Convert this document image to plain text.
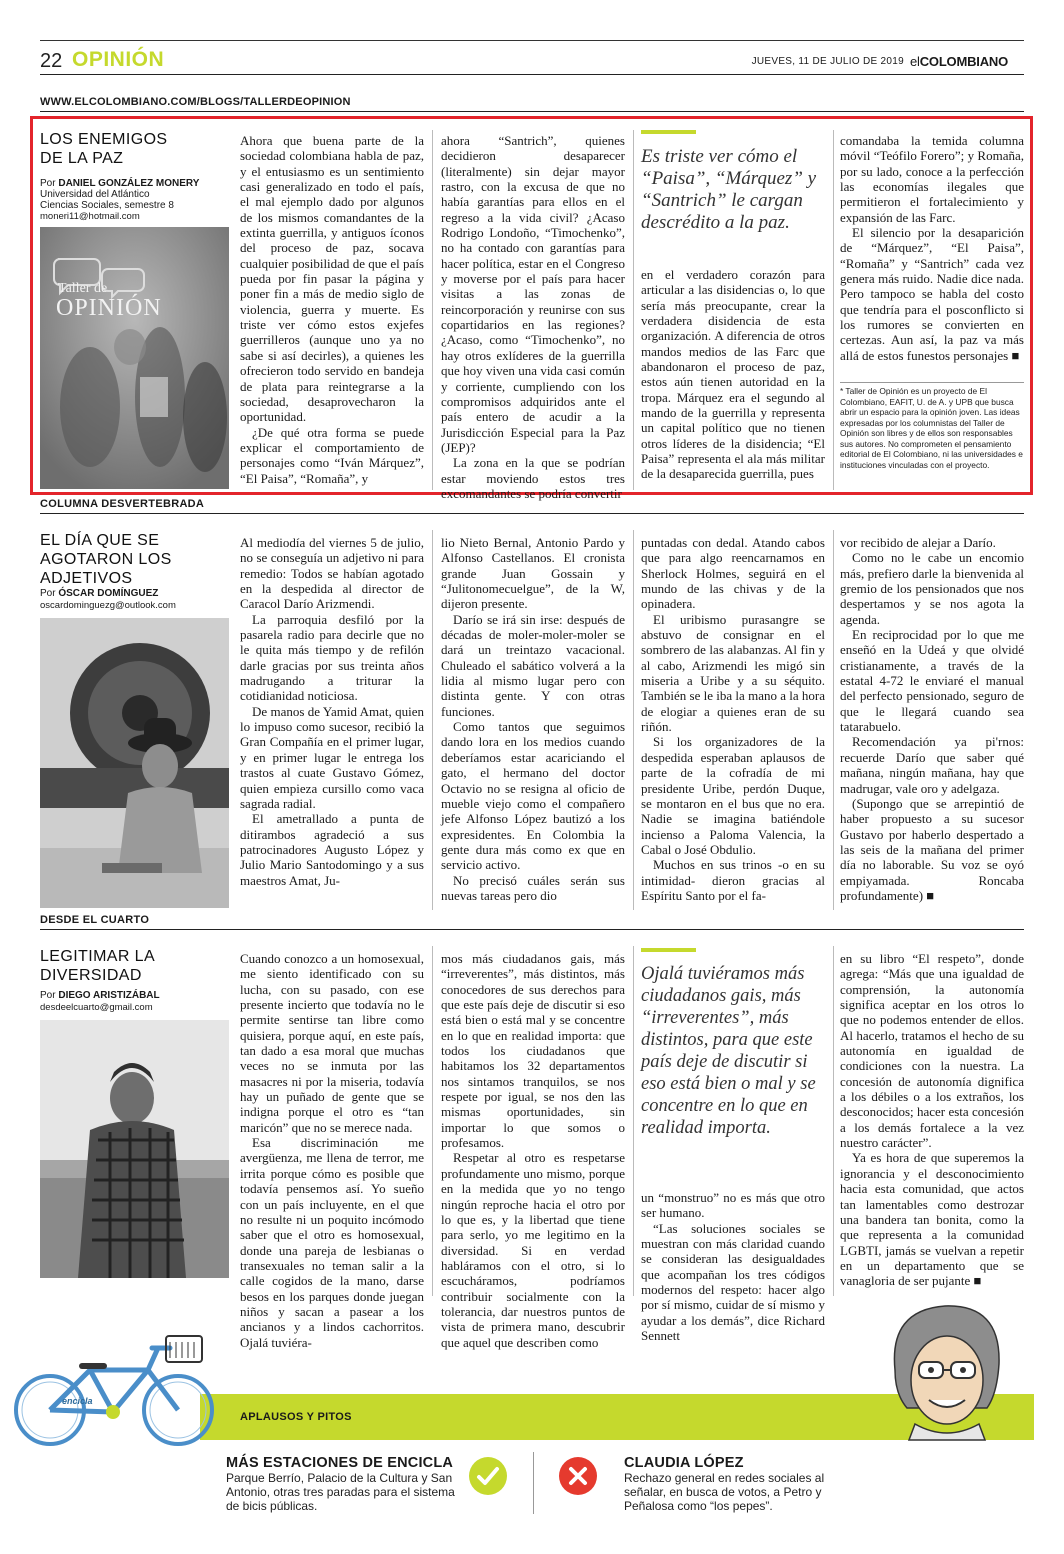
22 OPINIÓN	JUEVES, 11 DE JULIO DE 2019 elCOLOMBIANO
WWW.ELCOLOMBIANO.COM/BLOGS/TALLERDEOPINION
LOS ENEMIGOS
DE LA PAZ
Por DANIEL GONZÁLEZ MONERY
Universidad del Atlántico
Ciencias Sociales, semestre 8
moneri11@hotmail.com
Taller de
OPINIÓN

Ahora que buena parte de la sociedad colombiana habla de paz, y el entusiasmo es un sentimiento casi generalizado en todo el país, el mal ejemplo dado por algunos de los mismos comandantes de la extinta guerrilla, y antiguos íconos del proceso de paz, socava cualquier posibilidad de que el país pueda por fin pasar la página y poner fin a más de medio siglo de violencia, guerra y muerte. Es triste ver cómo estos exjefes guerrilleros (aunque uno ya no sabe si así decirles), a quienes les ofrecieron todo servido en bandeja de plata para reintegrarse a la sociedad, desaprovecharon la oportunidad.

¿De qué otra forma se puede explicar el comportamiento de personajes como “Iván Márquez”, “El Paisa”, “Romaña”, y

ahora “Santrich”, quienes decidieron desaparecer (literalmente) sin dejar mayor rastro, con la excusa de que no había garantías para ellos en el regreso a la vida civil? ¿Acaso Rodrigo Londoño, “Timochenko”, no ha contado con garantías para hacer política, estar en el Congreso y moverse por el país para hacer visitas a las zonas de reincorporación y reunirse con sus copartidarios en las regiones? ¿Acaso, como “Timochenko”, no hay otros exlíderes de la guerrilla que hoy viven una vida casi común y corriente, cumpliendo con los compromisos adquiridos ante el país entero de acudir a la Jurisdicción Especial para la Paz (JEP)?

La zona en la que se podrían estar moviendo estos tres excomandantes se podría convertir

Es triste ver cómo el “Paisa”, “Márquez” y “Santrich” le cargan descrédito a la paz.

en el verdadero corazón para articular a las disidencias o, lo que sería más preocupante, crear la verdadera disidencia de esta organización. A diferencia de otros mandos medios de las Farc que abandonaron el proceso de paz, estos aún tienen autoridad en la tropa. Márquez era el segundo al mando de la guerrilla y representa un capital político que no tienen otros líderes de la disidencia; “El Paisa” representa el ala más militar de la desaparecida guerrilla, pues

comandaba la temida columna móvil “Teófilo Forero”; y Romaña, por su lado, conoce a la perfección las economías ilegales que permitieron el fortalecimiento y expansión de las Farc.

El silencio por la desaparición de “Márquez”, “El Paisa”, “Romaña” y “Santrich” cada vez genera más ruido. Nadie dice nada. Pero tampoco se habla del costo que tendría para el posconflicto si los rumores se convierten en certezas. Aun así, la paz va más allá de estos funestos personajes ■

* Taller de Opinión es un proyecto de El Colombiano, EAFIT, U. de A. y UPB que busca abrir un espacio para la opinión joven. Las ideas expresadas por los columnistas del Taller de Opinión son libres y de ellos son responsables sus autores. No comprometen el pensamiento editorial de El Colombiano, ni las universidades e instituciones vinculadas con el proyecto.
COLUMNA DESVERTEBRADA
EL DÍA QUE SE
AGOTARON LOS
ADJETIVOS
Por ÓSCAR DOMÍNGUEZ
oscardominguezg@outlook.com

Al mediodía del viernes 5 de julio, no se conseguía un adjetivo ni para remedio: Todos se habían agotado en la despedida al director de Caracol Darío Arizmendi.

La parroquia desfiló por la pasarela radio para decirle que no le quita más tiempo y de refilón darle gracias por sus treinta años madrugando a triturar la cotidianidad noticiosa.

De manos de Yamid Amat, quien lo impuso como sucesor, recibió la Gran Compañía en el primer lugar, y en primer lugar le entrega los trastos al cuate Gustavo Gómez, quien empieza cursillo como vaca sagrada radial.

El ametrallado a punta de ditirambos agradeció a sus patrocinadores Augusto López y Julio Mario Santodomingo y a sus maestros Amat, Ju-

lio Nieto Bernal, Antonio Pardo y Alfonso Castellanos. El cronista grande Juan Gossain y “Julitonomecuelgue”, de la W, dijeron presente.

Darío se irá sin irse: después de décadas de moler-moler-moler se dará un treintazo vacacional. Chuleado el sabático volverá a la lidia al mismo lugar pero con distinta gente. Y con otras funciones.

Como tantos que seguimos dando lora en los medios cuando deberíamos estar acariciando el gato, el hermano del doctor Octavio no se resigna al oficio de mueble viejo como el compañero jefe Alfonso López bautizó a los expresidentes. En Colombia la gente dura más como ex que en servicio activo.

No precisó cuáles serán sus nuevas tareas pero dio

puntadas con dedal. Atando cabos que para algo reencarnamos en Sherlock Holmes, seguirá en el mundo de las chivas y de la opinadera.

El uribismo purasangre se abstuvo de consignar en el sombrero de las alabanzas. Al fin y al cabo, Arizmendi les migó sin miseria a Uribe y a su séquito. También se le iba la mano a la hora de elogiar a quienes eran de su riñón.

Si los organizadores de la despedida esperaban aplausos de parte de la cofradía de mi presidente Uribe, perdón Duque, se montaron en el bus que no era. Nadie se imagina batiéndole incienso a Paloma Valencia, la Cabal o José Obdulio.

Muchos en sus trinos -o en su intimidad- dieron gracias al Espíritu Santo por el fa-

vor recibido de alejar a Darío.

Como no le cabe un encomio más, prefiero darle la bienvenida al gremio de los pensionados que nos despertamos y se nos agota la agenda.

En reciprocidad por lo que me enseñó en la Udeá y que olvidé cristianamente, a través de la estatal 4-72 le enviaré el manual del perfecto pensionado, seguro de que le llegará cuando sea tatarabuelo.

Recomendación ya pi'rnos: recuerde Darío que saber qué mañana, ningún mañana, hay que madrugar, vale oro y adelgaza.

(Supongo que se arrepintió de haber propuesto a su sucesor Gustavo por haberlo despertado a las seis de la mañana del primer día no laborable. Su voz se oyó empiyamada. Roncaba profundamente) ■

DESDE EL CUARTO
LEGITIMAR LA
DIVERSIDAD
Por DIEGO ARISTIZÁBAL
desdeelcuarto@gmail.com

Cuando conozco a un homosexual, me siento identificado con su lucha, con su pasado, con ese presente incierto que todavía no le permite sentirse tan libre como quisiera, porque aquí, en este país, tan dado a esa moral que muchas veces no se inmuta por las masacres ni por la miseria, todavía hay un puñado de gente que se indigna porque el otro es “tan maricón” que no se merece nada.

Esa discriminación me avergüenza, me llena de terror, me irrita porque cómo es posible que todavía pensemos así. Yo sueño con un país incluyente, en el que no resulte ni un poquito incómodo saber que el otro es homosexual, donde una pareja de lesbianas o transexuales no teman salir a la calle cogidos de la mano, darse besos en los parques donde juegan niños y sacan a pasear a los ancianos y a lindos cachorritos. Ojalá tuviéra-

mos más ciudadanos gais, más “irreverentes”, más distintos, más conocedores de sus derechos para que este país deje de discutir si eso está bien o está mal y se concentre en lo que en realidad importa: que todos los ciudadanos que habitamos los 32 departamentos nos sintamos tranquilos, se nos respete por igual, se nos den las mismas oportunidades, sin importar lo que somos o profesamos.

Respetar al otro es respetarse profundamente uno mismo, porque en la medida que yo no tengo ningún reproche hacia el otro por lo que es, y la libertad que tiene para serlo, yo me legitimo en la diversidad. Si en verdad habláramos con el otro, si lo escucháramos, podríamos contribuir socialmente con la tolerancia, dar nuestros puntos de vista de primera mano, descubrir que aquel que describen como

Ojalá tuviéramos más ciudadanos gais, más “irreverentes”, más distintos, para que este país deje de discutir si eso está bien o mal y se concentre en lo que en realidad importa.

un “monstruo” no es más que otro ser humano.

“Las soluciones sociales se muestran con más claridad cuando se consideran las desigualdades que acompañan los tres códigos modernos del respeto: hacer algo por sí mismo, cuidar de sí mismo y ayudar a los demás”, dice Richard Sennett

en su libro “El respeto”, donde agrega: “Más que una igualdad de comprensión, la autonomía significa aceptar en los otros lo que no podemos entender de ellos. Al hacerlo, tratamos el hecho de su autonomía en igualdad de condiciones con la nuestra. La concesión de autonomía dignifica a los débiles o a los extraños, los desconocidos; hacer esta concesión a los demás fortalece a la vez nuestro carácter”.

Ya es hora de que superemos la ignorancia y el desconocimiento hacia esta comunidad, que actos tan lamentables como destrozar una bandera tan bonita, como la que representa a la comunidad LGBTI, jamás se vuelvan a repetir en un departamento que se vanagloria de ser pujante ■

APLAUSOS Y PITOS
encicla
MÁS ESTACIONES DE ENCICLA
Parque Berrío, Palacio de la Cultura y San Antonio, otras tres paradas para el sistema de bicis públicas.
CLAUDIA LÓPEZ
Rechazo general en redes sociales al señalar, en busca de votos, a Petro y Peñalosa como “los pepes”.
